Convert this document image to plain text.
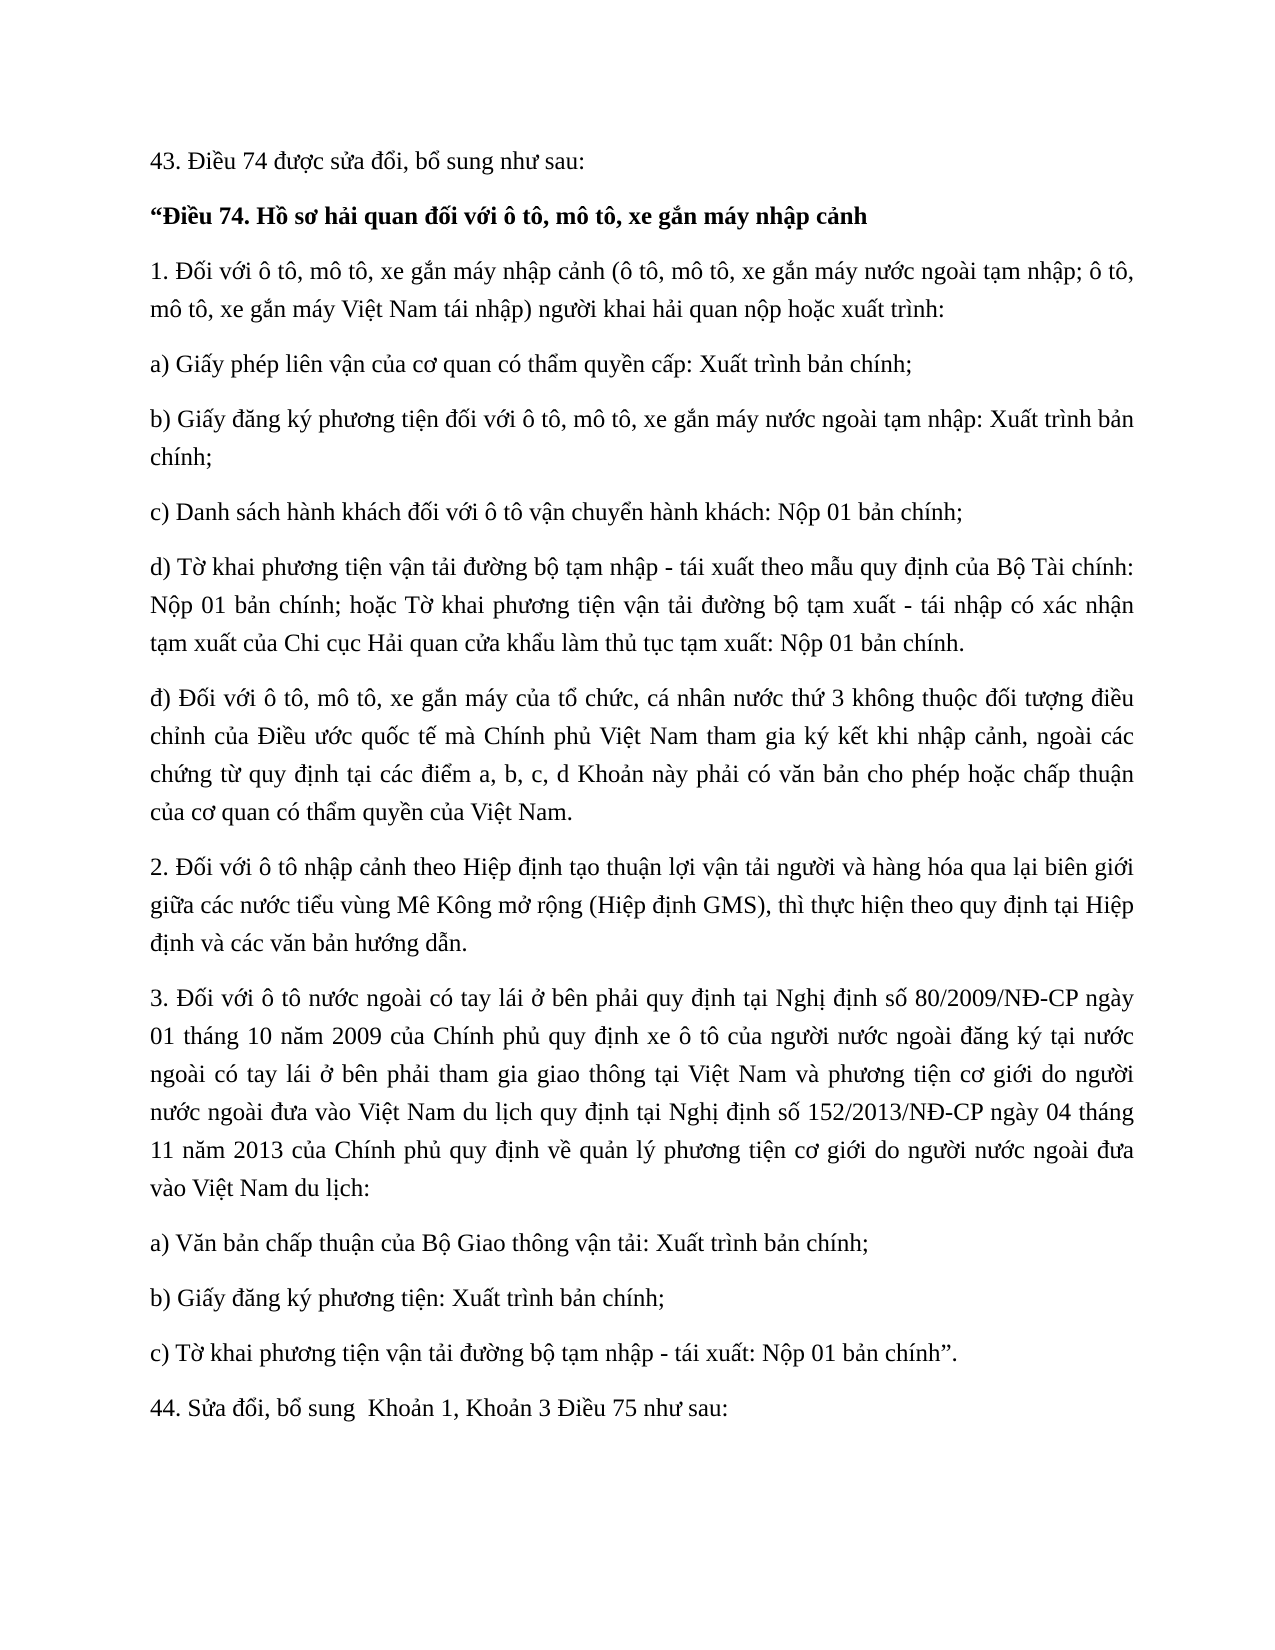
43. Điều 74 được sửa đổi, bổ sung như sau:

“Điều 74. Hồ sơ hải quan đối với ô tô, mô tô, xe gắn máy nhập cảnh

1. Đối với ô tô, mô tô, xe gắn máy nhập cảnh (ô tô, mô tô, xe gắn máy nước ngoài tạm nhập; ô tô, mô tô, xe gắn máy Việt Nam tái nhập) người khai hải quan nộp hoặc xuất trình:

a) Giấy phép liên vận của cơ quan có thẩm quyền cấp: Xuất trình bản chính;

b) Giấy đăng ký phương tiện đối với ô tô, mô tô, xe gắn máy nước ngoài tạm nhập: Xuất trình bản chính;

c) Danh sách hành khách đối với ô tô vận chuyển hành khách: Nộp 01 bản chính;

d) Tờ khai phương tiện vận tải đường bộ tạm nhập - tái xuất theo mẫu quy định của Bộ Tài chính: Nộp 01 bản chính; hoặc Tờ khai phương tiện vận tải đường bộ tạm xuất - tái nhập có xác nhận tạm xuất của Chi cục Hải quan cửa khẩu làm thủ tục tạm xuất: Nộp 01 bản chính.

đ) Đối với ô tô, mô tô, xe gắn máy của tổ chức, cá nhân nước thứ 3 không thuộc đối tượng điều chỉnh của Điều ước quốc tế mà Chính phủ Việt Nam tham gia ký kết khi nhập cảnh, ngoài các chứng từ quy định tại các điểm a, b, c, d Khoản này phải có văn bản cho phép hoặc chấp thuận của cơ quan có thẩm quyền của Việt Nam.

2. Đối với ô tô nhập cảnh theo Hiệp định tạo thuận lợi vận tải người và hàng hóa qua lại biên giới giữa các nước tiểu vùng Mê Kông mở rộng (Hiệp định GMS), thì thực hiện theo quy định tại Hiệp định và các văn bản hướng dẫn.

3. Đối với ô tô nước ngoài có tay lái ở bên phải quy định tại Nghị định số 80/2009/NĐ-CP ngày 01 tháng 10 năm 2009 của Chính phủ quy định xe ô tô của người nước ngoài đăng ký tại nước ngoài có tay lái ở bên phải tham gia giao thông tại Việt Nam và phương tiện cơ giới do người nước ngoài đưa vào Việt Nam du lịch quy định tại Nghị định số 152/2013/NĐ-CP ngày 04 tháng 11 năm 2013 của Chính phủ quy định về quản lý phương tiện cơ giới do người nước ngoài đưa vào Việt Nam du lịch:

a) Văn bản chấp thuận của Bộ Giao thông vận tải: Xuất trình bản chính;

b) Giấy đăng ký phương tiện: Xuất trình bản chính;

c) Tờ khai phương tiện vận tải đường bộ tạm nhập - tái xuất: Nộp 01 bản chính”.

44. Sửa đổi, bổ sung  Khoản 1, Khoản 3 Điều 75 như sau:
